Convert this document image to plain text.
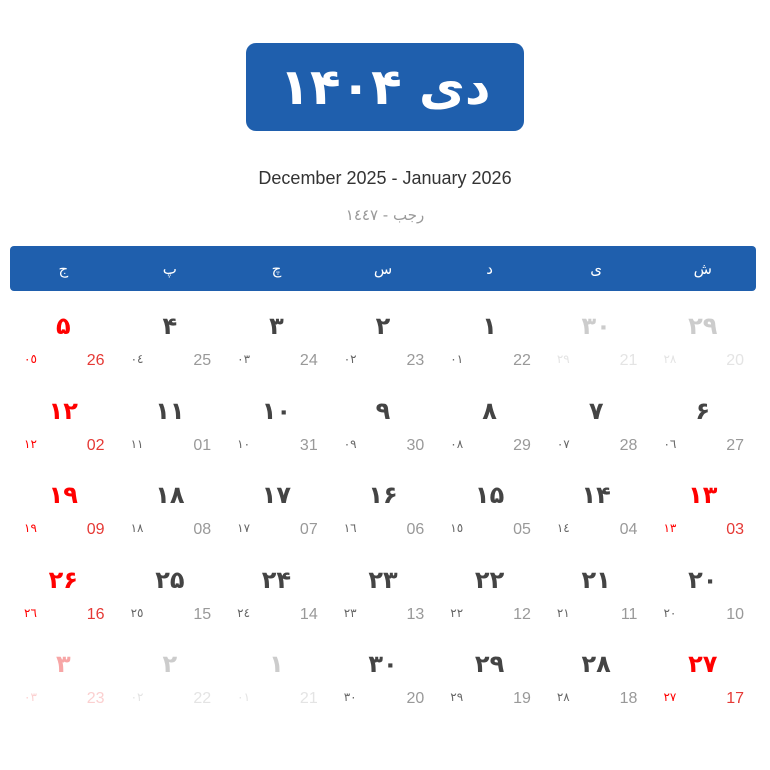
دی ۱۴۰۴
December 2025 - January 2026
رجب - ١٤٤٧
ش
ی
د
س
چ
پ
ج
۲۹
20
٢٨
۳۰
21
٢٩
۱
22
٠١
۲
23
٠٢
۳
24
٠٣
۴
25
٠٤
۵
26
٠٥
۶
27
٠٦
۷
28
٠٧
۸
29
٠٨
۹
30
٠٩
۱۰
31
١٠
۱۱
01
١١
۱۲
02
١٢
۱۳
03
١٣
۱۴
04
١٤
۱۵
05
١٥
۱۶
06
١٦
۱۷
07
١٧
۱۸
08
١٨
۱۹
09
١٩
۲۰
10
٢٠
۲۱
11
٢١
۲۲
12
٢٢
۲۳
13
٢٣
۲۴
14
٢٤
۲۵
15
٢٥
۲۶
16
٢٦
۲۷
17
٢٧
۲۸
18
٢٨
۲۹
19
٢٩
۳۰
20
٣٠
۱
21
٠١
۲
22
٠٢
۳
23
٠٣
